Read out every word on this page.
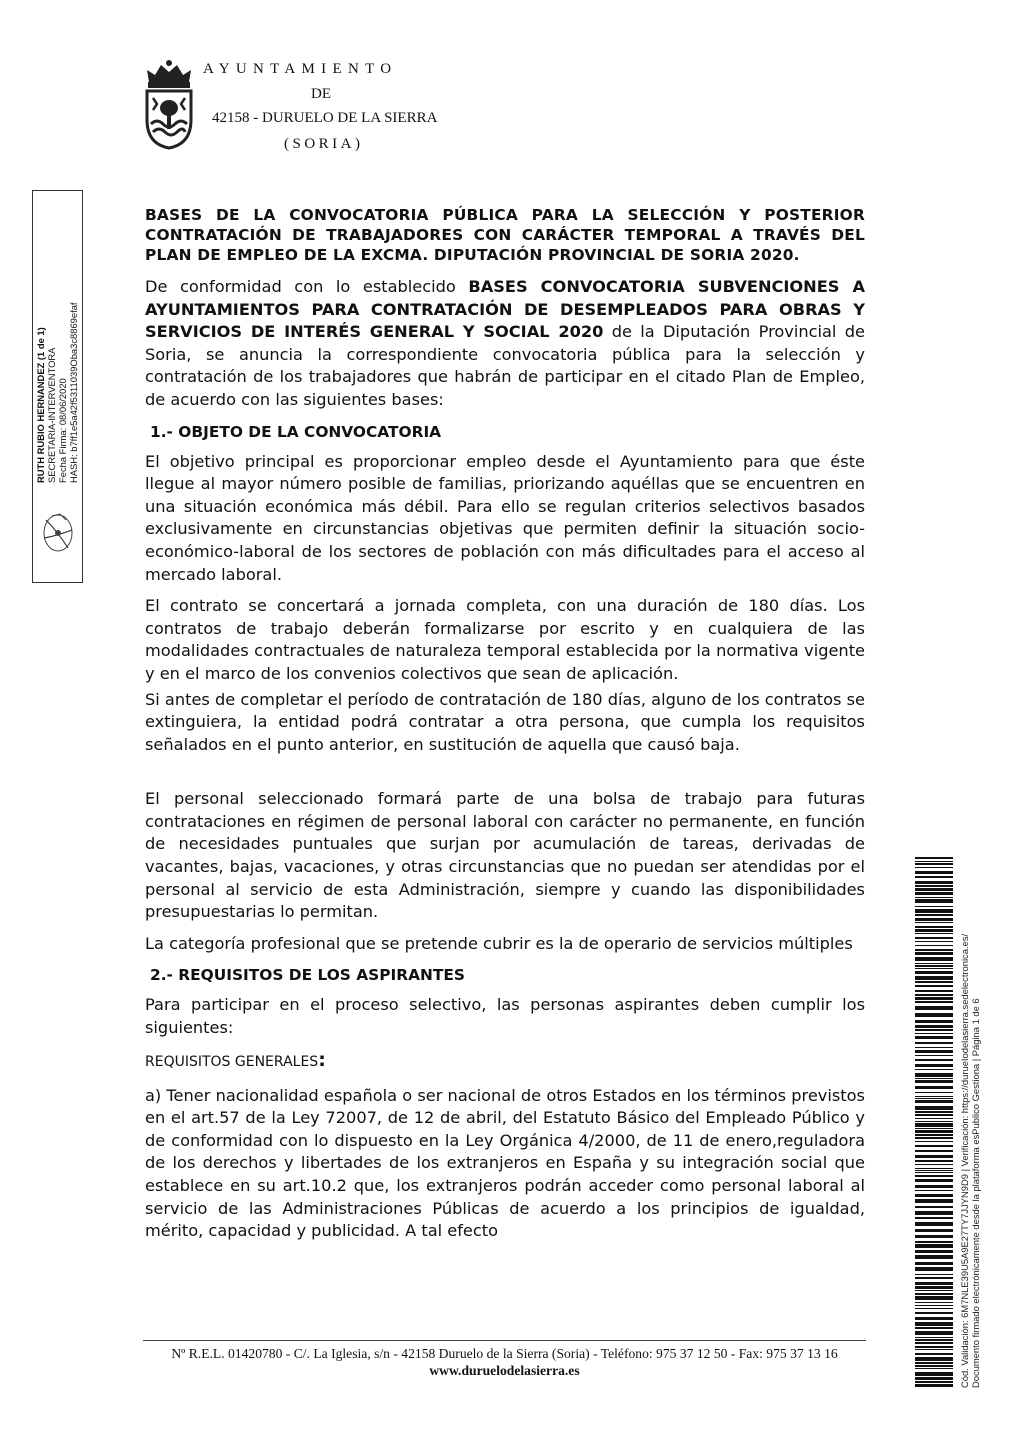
AYUNTAMIENTO
DE
42158 - DURUELO DE LA SIERRA
(SORIA)
RUTH RUBIO HERNANDEZ (1 de 1) SECRETARIA-INTERVENTORA Fecha Firma: 08/06/2020 HASH: b7ff1e5a42f5311039Oba3c8869efaf
BASES DE LA CONVOCATORIA PÚBLICA PARA LA SELECCIÓN Y POSTERIOR CONTRATACIÓN DE TRABAJADORES CON CARÁCTER TEMPORAL A TRAVÉS DEL PLAN DE EMPLEO DE LA EXCMA. DIPUTACIÓN PROVINCIAL DE SORIA 2020.
De conformidad con lo establecido BASES CONVOCATORIA SUBVENCIONES A AYUNTAMIENTOS PARA CONTRATACIÓN DE DESEMPLEADOS PARA OBRAS Y SERVICIOS DE INTERÉS GENERAL Y SOCIAL 2020 de la Diputación Provincial de Soria, se anuncia la correspondiente convocatoria pública para la selección y contratación de los trabajadores que habrán de participar en el citado Plan de Empleo, de acuerdo con las siguientes bases:
1.- OBJETO DE LA CONVOCATORIA
El objetivo principal es proporcionar empleo desde el Ayuntamiento para que éste llegue al mayor número posible de familias, priorizando aquéllas que se encuentren en una situación económica más débil. Para ello se regulan criterios selectivos basados exclusivamente en circunstancias objetivas que permiten definir la situación socio-económico-laboral de los sectores de población con más dificultades para el acceso al mercado laboral.
El contrato se concertará a jornada completa, con una duración de 180 días. Los contratos de trabajo deberán formalizarse por escrito y en cualquiera de las modalidades contractuales de naturaleza temporal establecida por la normativa vigente y en el marco de los convenios colectivos que sean de aplicación.
Si antes de completar el período de contratación de 180 días, alguno de los contratos se extinguiera, la entidad podrá contratar a otra persona, que cumpla los requisitos señalados en el punto anterior, en sustitución de aquella que causó baja.
El personal seleccionado formará parte de una bolsa de trabajo para futuras contrataciones en régimen de personal laboral con carácter no permanente, en función de necesidades puntuales que surjan por acumulación de tareas, derivadas de vacantes, bajas, vacaciones, y otras circunstancias que no puedan ser atendidas por el personal al servicio de esta Administración, siempre y cuando las disponibilidades presupuestarias lo permitan.
La categoría profesional que se pretende cubrir es la de operario de servicios múltiples
2.- REQUISITOS DE LOS ASPIRANTES
Para participar en el proceso selectivo, las personas aspirantes deben cumplir los siguientes:
REQUISITOS GENERALES:
a) Tener nacionalidad española o ser nacional de otros Estados en los términos previstos en el art.57 de la Ley 72007, de 12 de abril, del Estatuto Básico del Empleado Público y de conformidad con lo dispuesto en la Ley Orgánica 4/2000, de 11 de enero,reguladora de los derechos y libertades de los extranjeros en España y su integración social que establece en su art.10.2 que, los extranjeros podrán acceder como personal laboral al servicio de las Administraciones Públicas de acuerdo a los principios de igualdad, mérito, capacidad y publicidad. A tal efecto	Cód. Validación: 6M7NLE39U5A9E27TY7JJYN9D9 | Verificación: https://durueIodelasierra.sedelectronica.es/ Documento firmado electrónicamente desde la plataforma esPublico Gestiona | Página 1 de 6
Nº R.E.L. 01420780 - C/. La Iglesia, s/n - 42158 Duruelo de la Sierra (Soria) - Teléfono: 975 37 12 50 - Fax: 975 37 13 16
www.duruelodelasierra.es
